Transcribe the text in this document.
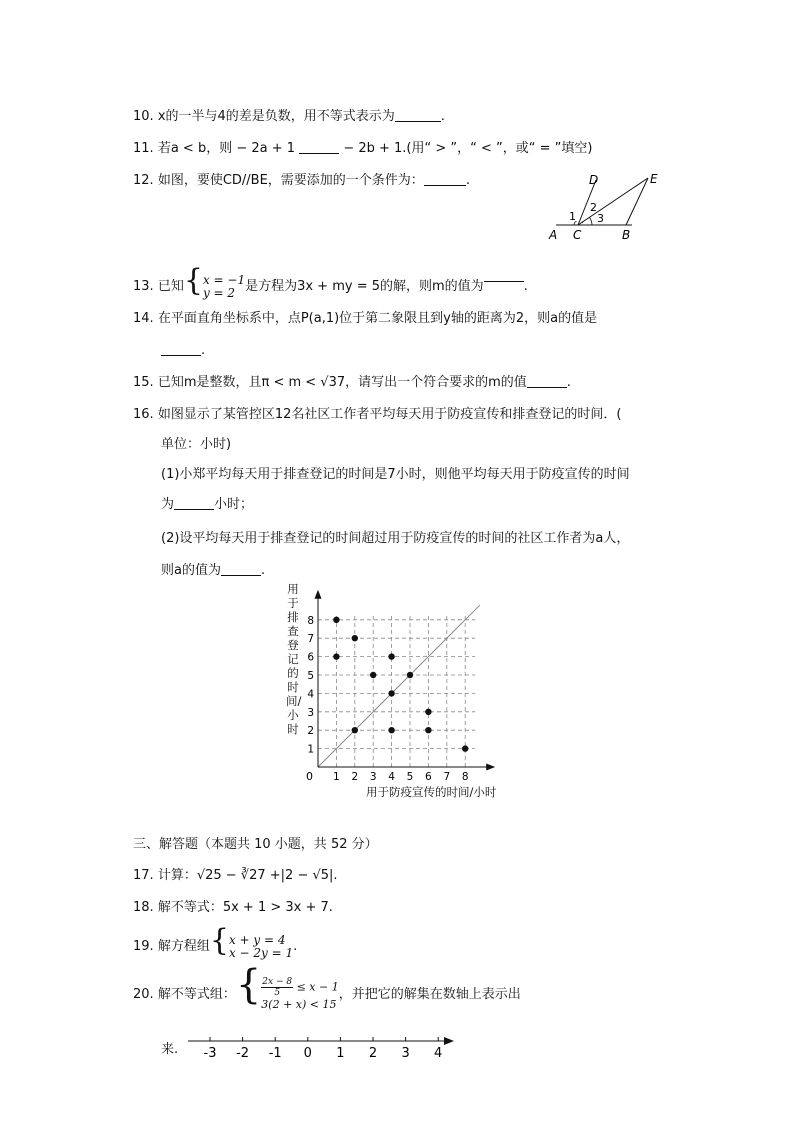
10. x的一半与4的差是负数，用不等式表示为	.
11. 若a < b，则 − 2a + 1	− 2b + 1.(用“ > ”，“ < ”，或“ = ”填空)
12. 如图，要使CD//BE，需要添加的一个条件为：	.	D	E
1
2
3
A C	B
13. 已知{x = −1
y = 2 是方程为3x + my = 5的解，则m的值为	.
14. 在平面直角坐标系中，点P(a,1)位于第二象限且到y轴的距离为2，则a的值是
.
15. 已知m是整数，且π < m < √37，请写出一个符合要求的m的值	.
16. 如图显示了某管控区12名社区工作者平均每天用于防疫宣传和排查登记的时间．(
单位：小时)
(1)小郑平均每天用于排查登记的时间是7小时，则他平均每天用于防疫宣传的时间
为	小时；
(2)设平均每天用于排查登记的时间超过用于防疫宣传的时间的社区工作者为a人，
则a的值为	.
用于排查登记的时间/小时
0 1 2 3 4 5 6 7 8
1
2
3
4
5
6
7
8
用于防疫宣传的时间/小时
三、解答题（本题共 10 小题，共 52 分）
17. 计算：√25 − ∛27 +|2 − √5|.
18. 解不等式：5x + 1 > 3x + 7.
19. 解方程组{x + y = 4
x − 2y = 1.
20. 解不等式组：{ $\frac{2x - 8}{5} \le x - 1$
3(2 + x) < 15，并把它的解集在数轴上表示出
来. -3 -2 -1 0 1 2 3 4
